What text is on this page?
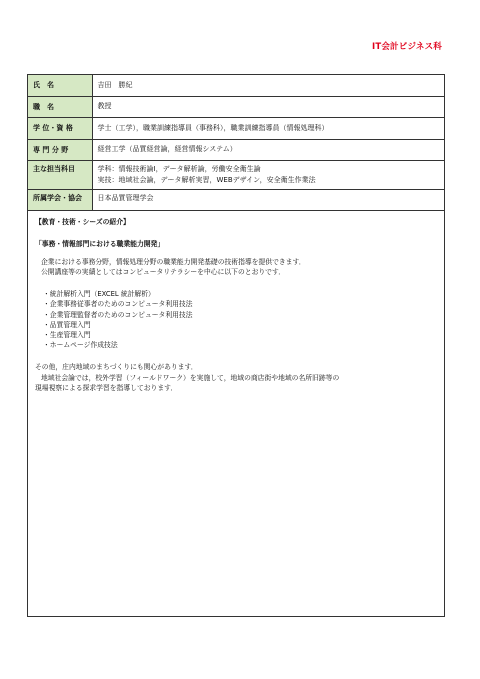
IT会計ビジネス科
氏　名	吉田　勝紀
職　名	教授
学 位・資 格	学士（工学），職業訓練指導員（事務科），職業訓練指導員（情報処理科）
専 門 分 野	経営工学（品質経営論，経営情報システム）
主な担当科目	学科：情報技術論Ⅰ，データ解析論，労働安全衛生論
実技：地域社会論，データ解析実習，WEBデザイン，安全衛生作業法

所属学会・協会	日本品質管理学会

【教育・技術・シーズの紹介】

「事務・情報部門における職業能力開発」

企業における事務分野，情報処理分野の職業能力開発基礎の技術指導を提供できます．

公開講座等の実績としてはコンピュータリテラシーを中心に以下のとおりです．

・統計解析入門（EXCEL 統計解析）

・企業事務従事者のためのコンピュータ利用技法

・企業管理監督者のためのコンピュータ利用技法

・品質管理入門

・生産管理入門

・ホームページ作成技法

その他，庄内地域のまちづくりにも関心があります．

地域社会論では，校外学習（フィールドワーク）を実施して，地域の商店街や地域の名所旧跡等の

現場視察による探求学習を指導しております．
